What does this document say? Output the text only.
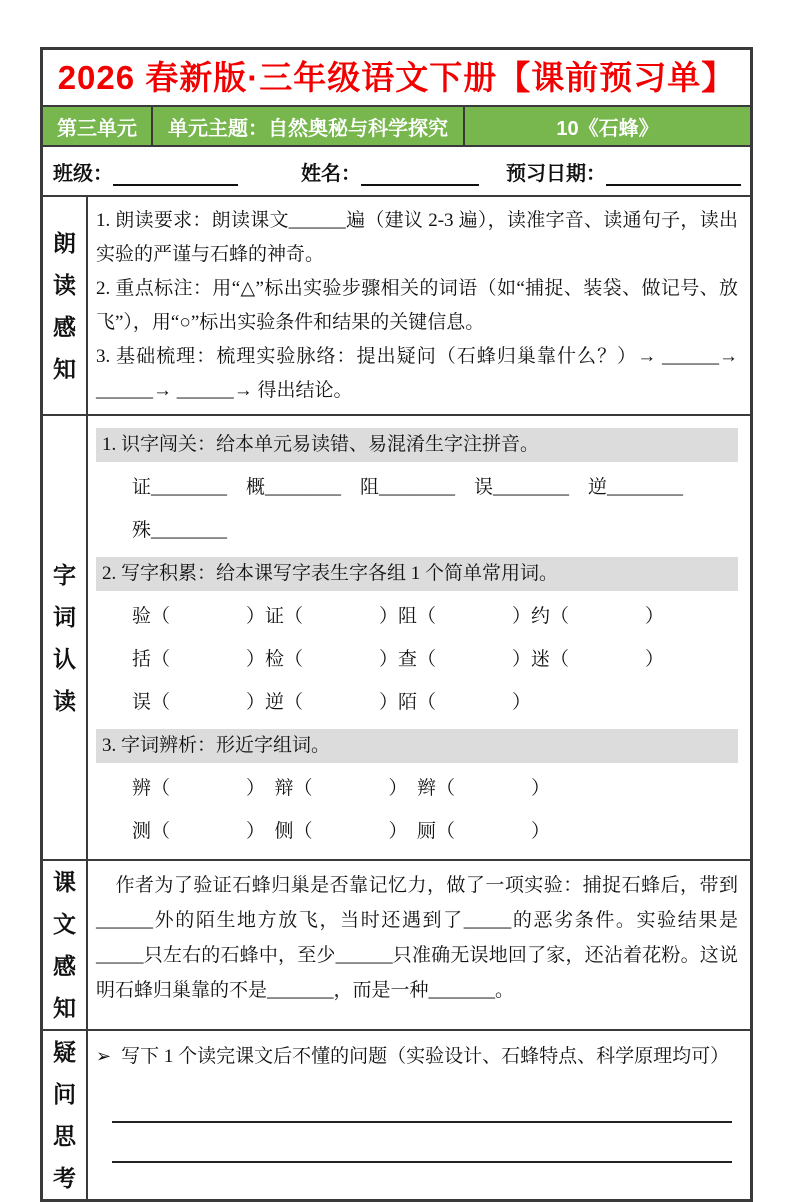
2026 春新版·三年级语文下册【课前预习单】
第三单元	单元主题：自然奥秘与科学探究	10《石蜂》
班级：	姓名：	预习日期：
朗读感知
1. 朗读要求：朗读课文______遍（建议 2-3 遍），读准字音、读通句子，读出实验的严谨与石蜂的神奇。
2. 重点标注：用“△”标出实验步骤相关的词语（如“捕捉、装袋、做记号、放飞”），用“○”标出实验条件和结果的关键信息。
3. 基础梳理：梳理实验脉络：提出疑问（石蜂归巢靠什么？）→ ______→ ______→ ______→ 得出结论。
字词认读
1. 识字闯关：给本单元易读错、易混淆生字注拼音。
证________　概________　阻________　误________　逆________
殊________
2. 写字积累：给本课写字表生字各组 1 个简单常用词。
验（　　　　）证（　　　　）阻（　　　　）约（　　　　）
括（　　　　）检（　　　　）查（　　　　）迷（　　　　）
误（　　　　）逆（　　　　）陌（　　　　）
3. 字词辨析：形近字组词。
辨（　　　　）　辩（　　　　）　辫（　　　　）
测（　　　　）　侧（　　　　）　厕（　　　　）
课文感知
　作者为了验证石蜂归巢是否靠记忆力，做了一项实验：捕捉石蜂后，带到______外的陌生地方放飞，当时还遇到了_____的恶劣条件。实验结果是_____只左右的石蜂中，至少______只准确无误地回了家，还沾着花粉。这说明石蜂归巢靠的不是_______，而是一种_______。
疑问思考
➢ 写下 1 个读完课文后不懂的问题（实验设计、石蜂特点、科学原理均可）
